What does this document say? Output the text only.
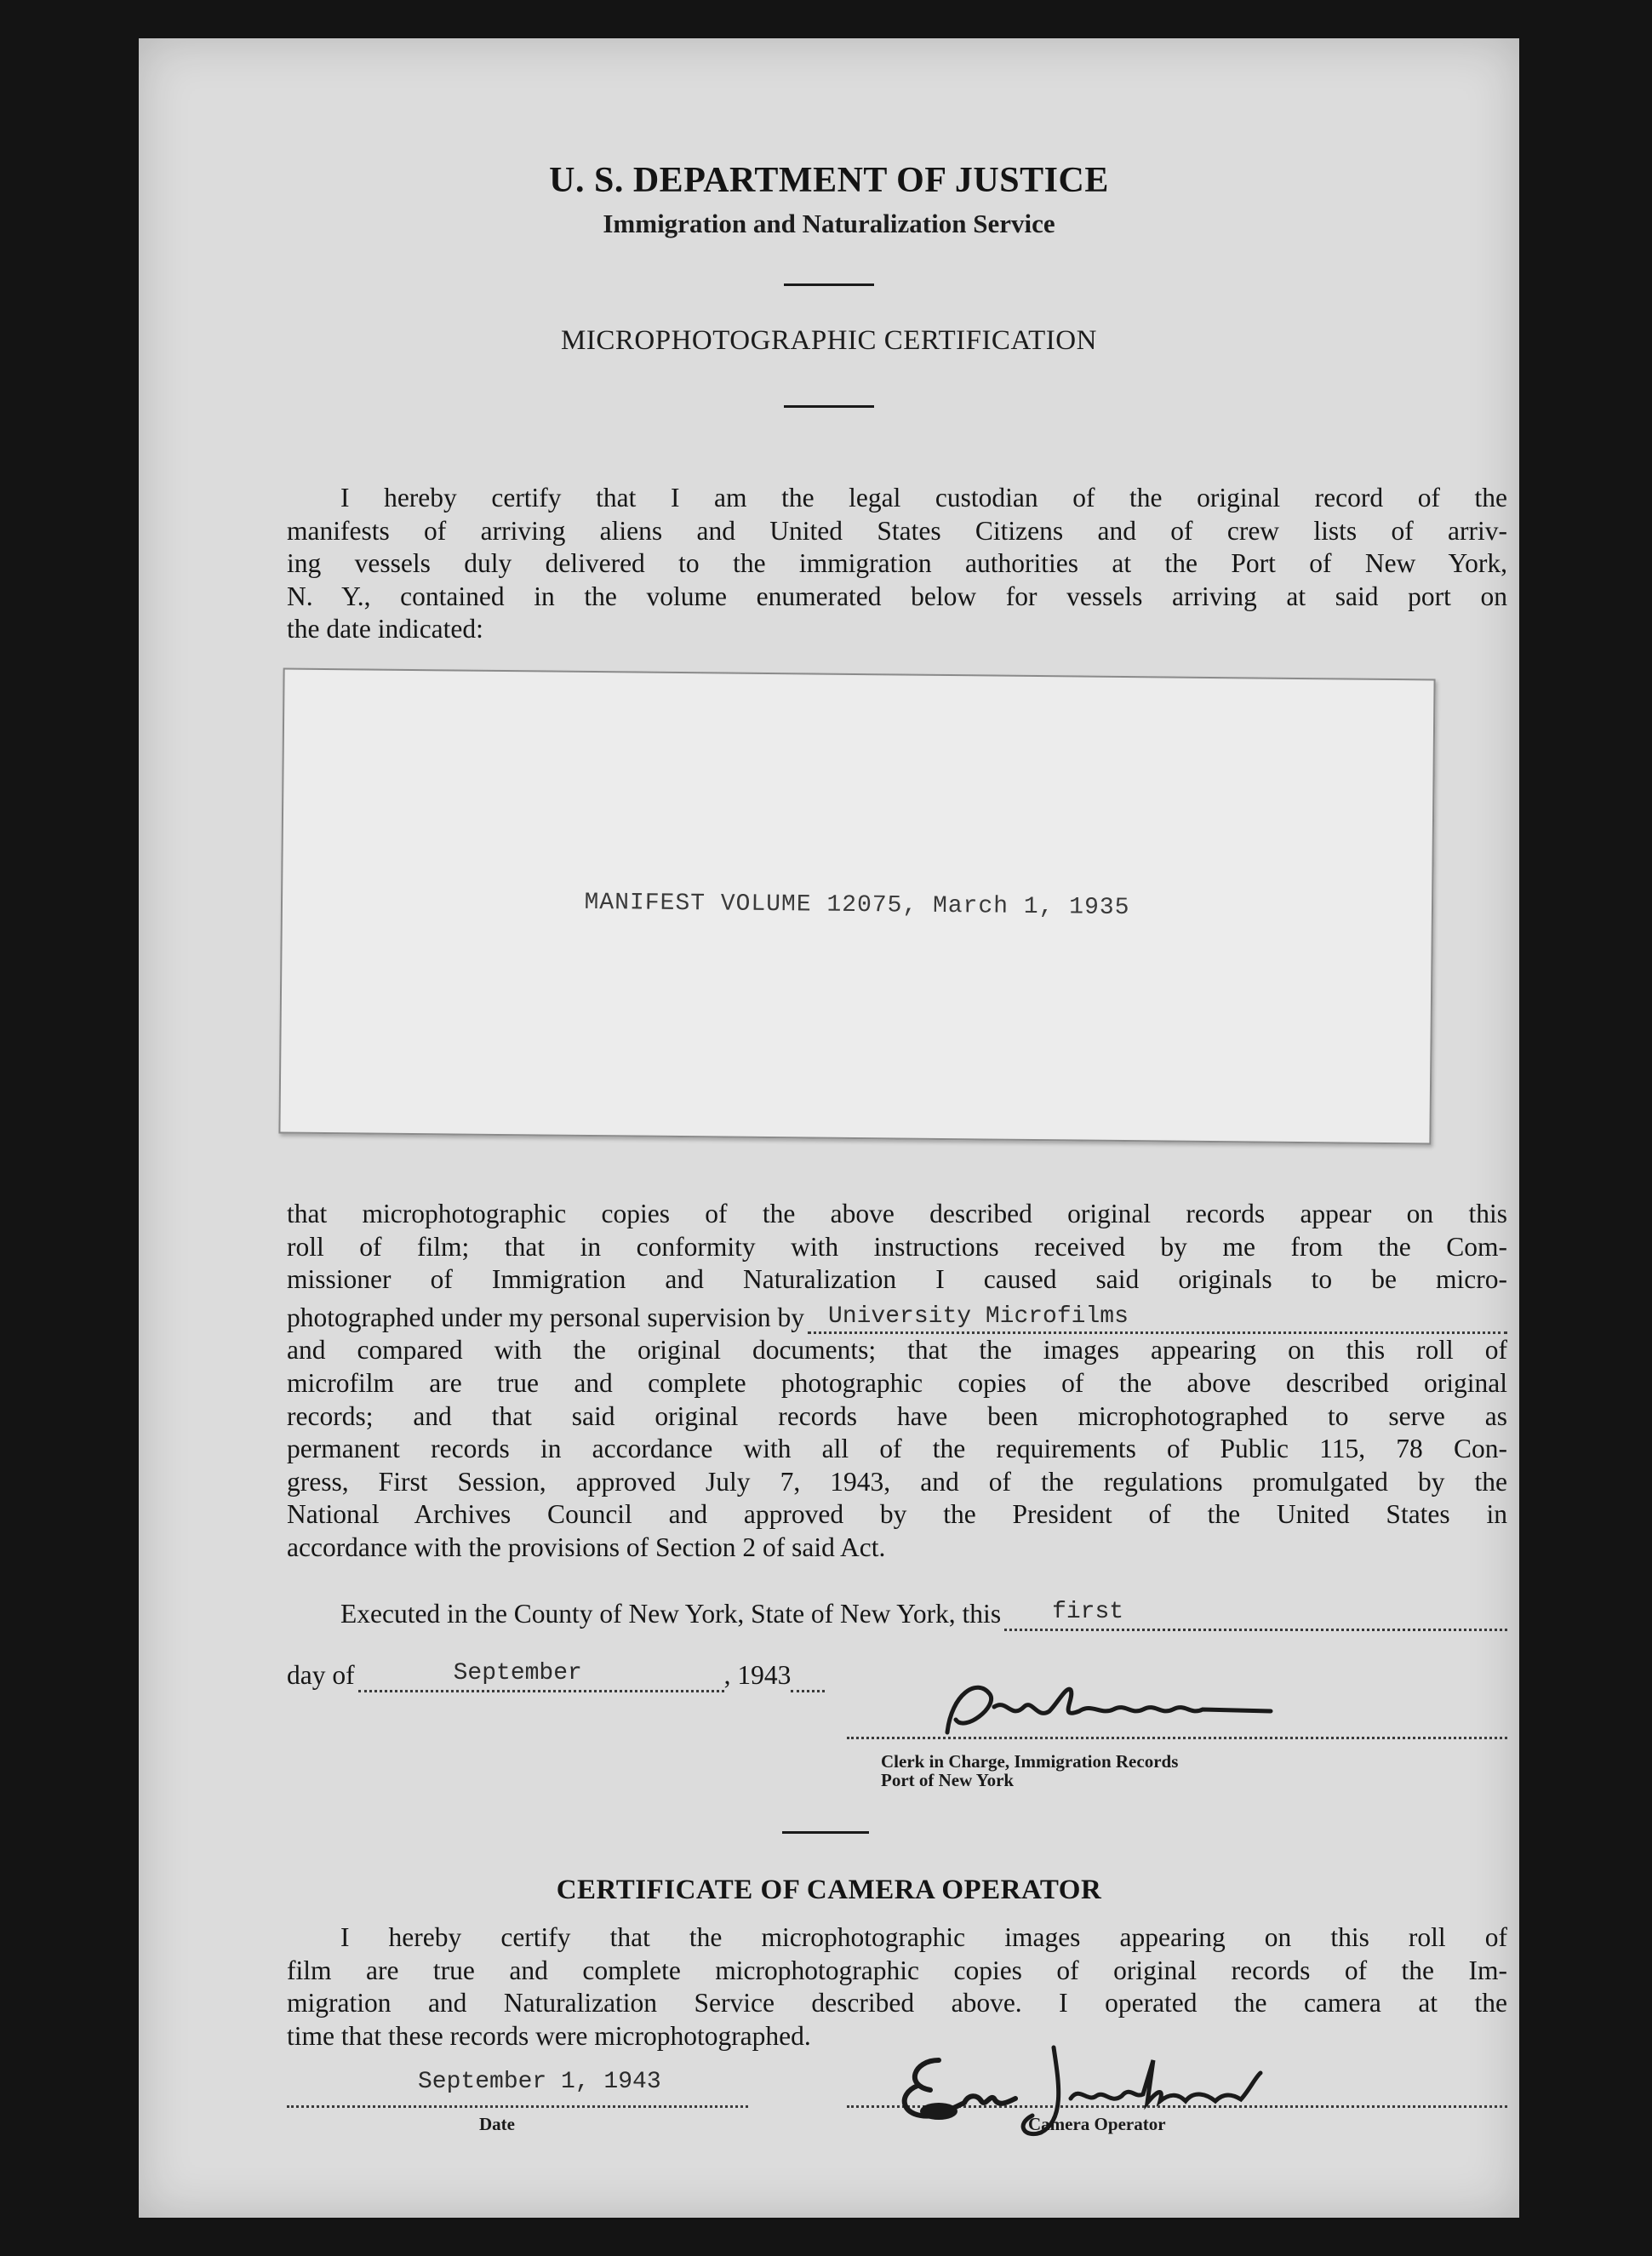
U. S. DEPARTMENT OF JUSTICE
Immigration and Naturalization Service
MICROPHOTOGRAPHIC CERTIFICATION
I hereby certify that I am the legal custodian of the original record of the
manifests of arriving aliens and United States Citizens and of crew lists of arriv-
ing vessels duly delivered to the immigration authorities at the Port of New York,
N. Y., contained in the volume enumerated below for vessels arriving at said port on
the date indicated:
MANIFEST VOLUME 12075, March 1, 1935
that microphotographic copies of the above described original records appear on this
roll of film; that in conformity with instructions received by me from the Com-
missioner of Immigration and Naturalization I caused said originals to be micro-
photographed under my personal supervision by University Microfilms
and compared with the original documents; that the images appearing on this roll of
microfilm are true and complete photographic copies of the above described original
records; and that said original records have been microphotographed to serve as
permanent records in accordance with all of the requirements of Public 115, 78 Con-
gress, First Session, approved July 7, 1943, and of the regulations promulgated by the
National Archives Council and approved by the President of the United States in
accordance with the provisions of Section 2 of said Act.
Executed in the County of New York, State of New York, this first
day of	September	, 1943
Clerk in Charge, Immigration Records
Port of New York
CERTIFICATE OF CAMERA OPERATOR
I hereby certify that the microphotographic images appearing on this roll of
film are true and complete microphotographic copies of original records of the Im-
migration and Naturalization Service described above. I operated the camera at the
time that these records were microphotographed.
September 1, 1943
Date	Camera Operator
